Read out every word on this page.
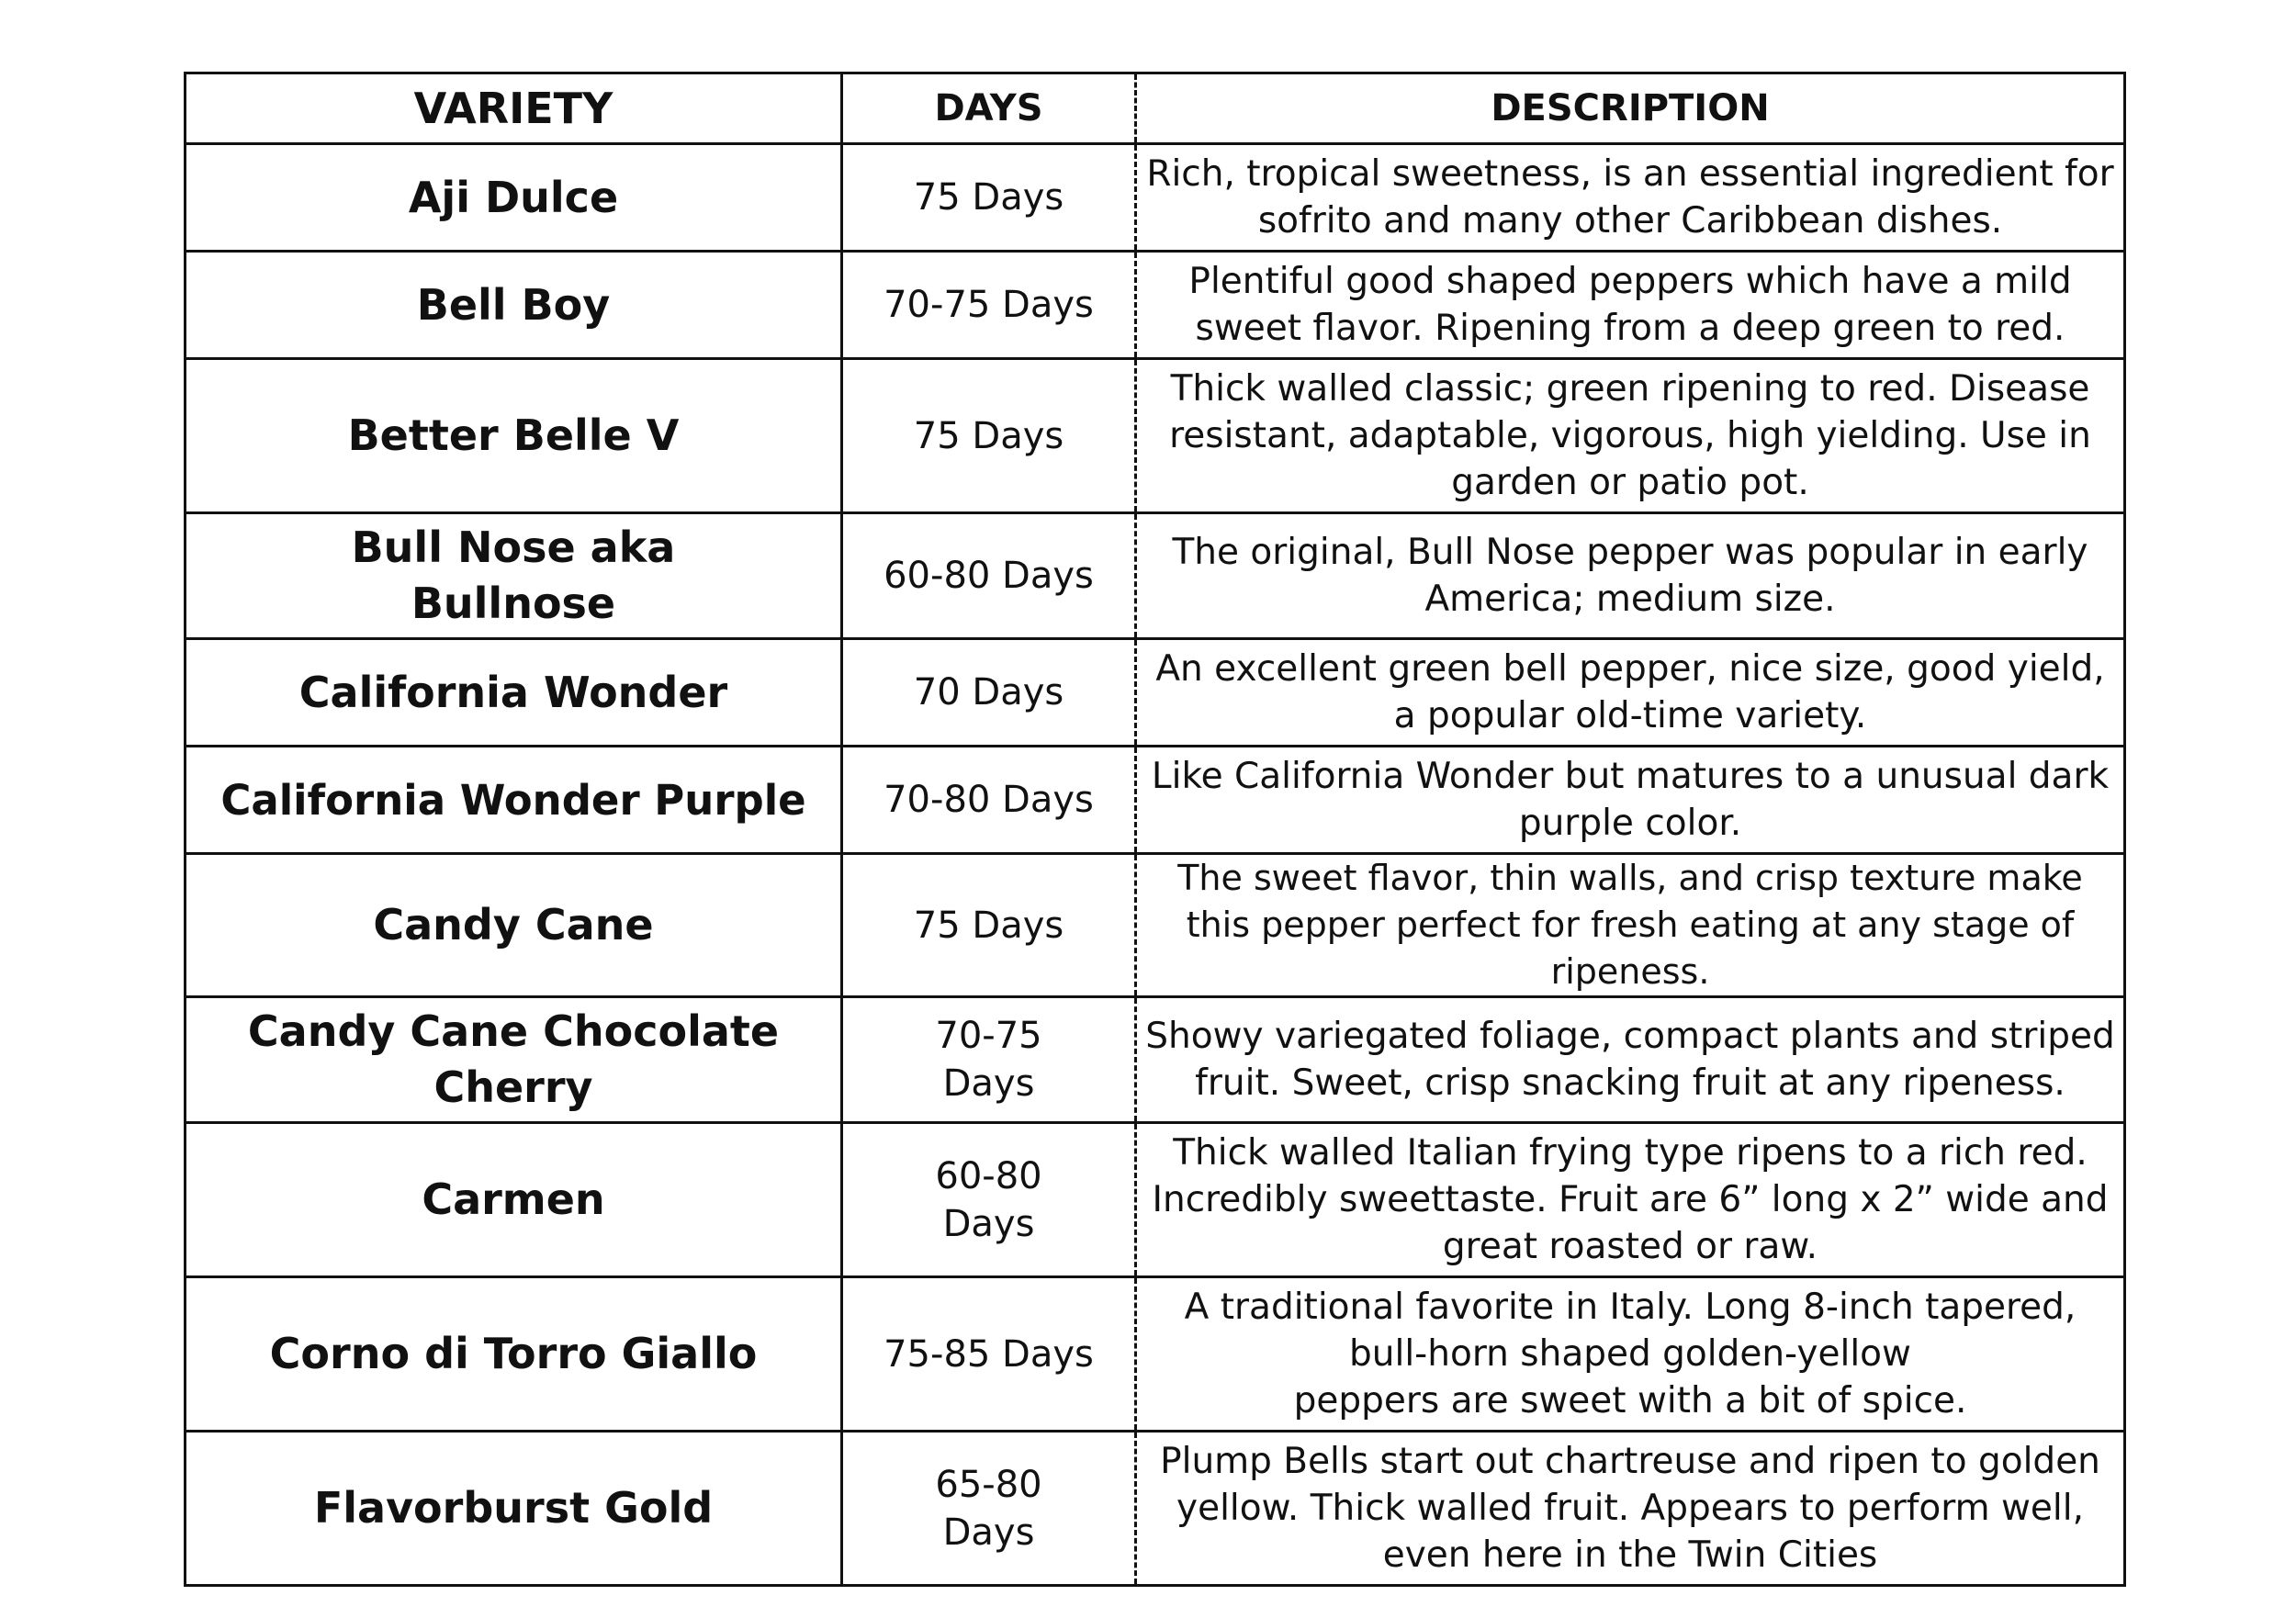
VARIETY	DAYS	DESCRIPTION
Aji Dulce	75 Days	Rich, tropical sweetness, is an essential ingredient for sofrito and many other Caribbean dishes.
Bell Boy	70-75 Days	Plentiful good shaped peppers which have a mild sweet flavor. Ripening from a deep green to red.
Better Belle V	75 Days	Thick walled classic; green ripening to red. Disease resistant, adaptable, vigorous, high yielding. Use in garden or patio pot.
Bull Nose aka Bullnose	60-80 Days	The original, Bull Nose pepper was popular in early America; medium size.
California Wonder	70 Days	An excellent green bell pepper, nice size, good yield, a popular old-time variety.
California Wonder Purple	70-80 Days	Like California Wonder but matures to a unusual dark purple color.
Candy Cane	75 Days	The sweet flavor, thin walls, and crisp texture make this pepper perfect for fresh eating at any stage of ripeness.
Candy Cane Chocolate Cherry	70-75 Days	Showy variegated foliage, compact plants and striped fruit. Sweet, crisp snacking fruit at any ripeness.
Carmen	60-80 Days	Thick walled Italian frying type ripens to a rich red. Incredibly sweettaste. Fruit are 6” long x 2” wide and great roasted or raw.
Corno di Torro Giallo	75-85 Days	A traditional favorite in Italy. Long 8-inch tapered, bull-horn shaped golden-yellow
peppers are sweet with a bit of spice.
Flavorburst Gold	65-80 Days	Plump Bells start out chartreuse and ripen to golden yellow. Thick walled fruit. Appears to perform well, even here in the Twin Cities
